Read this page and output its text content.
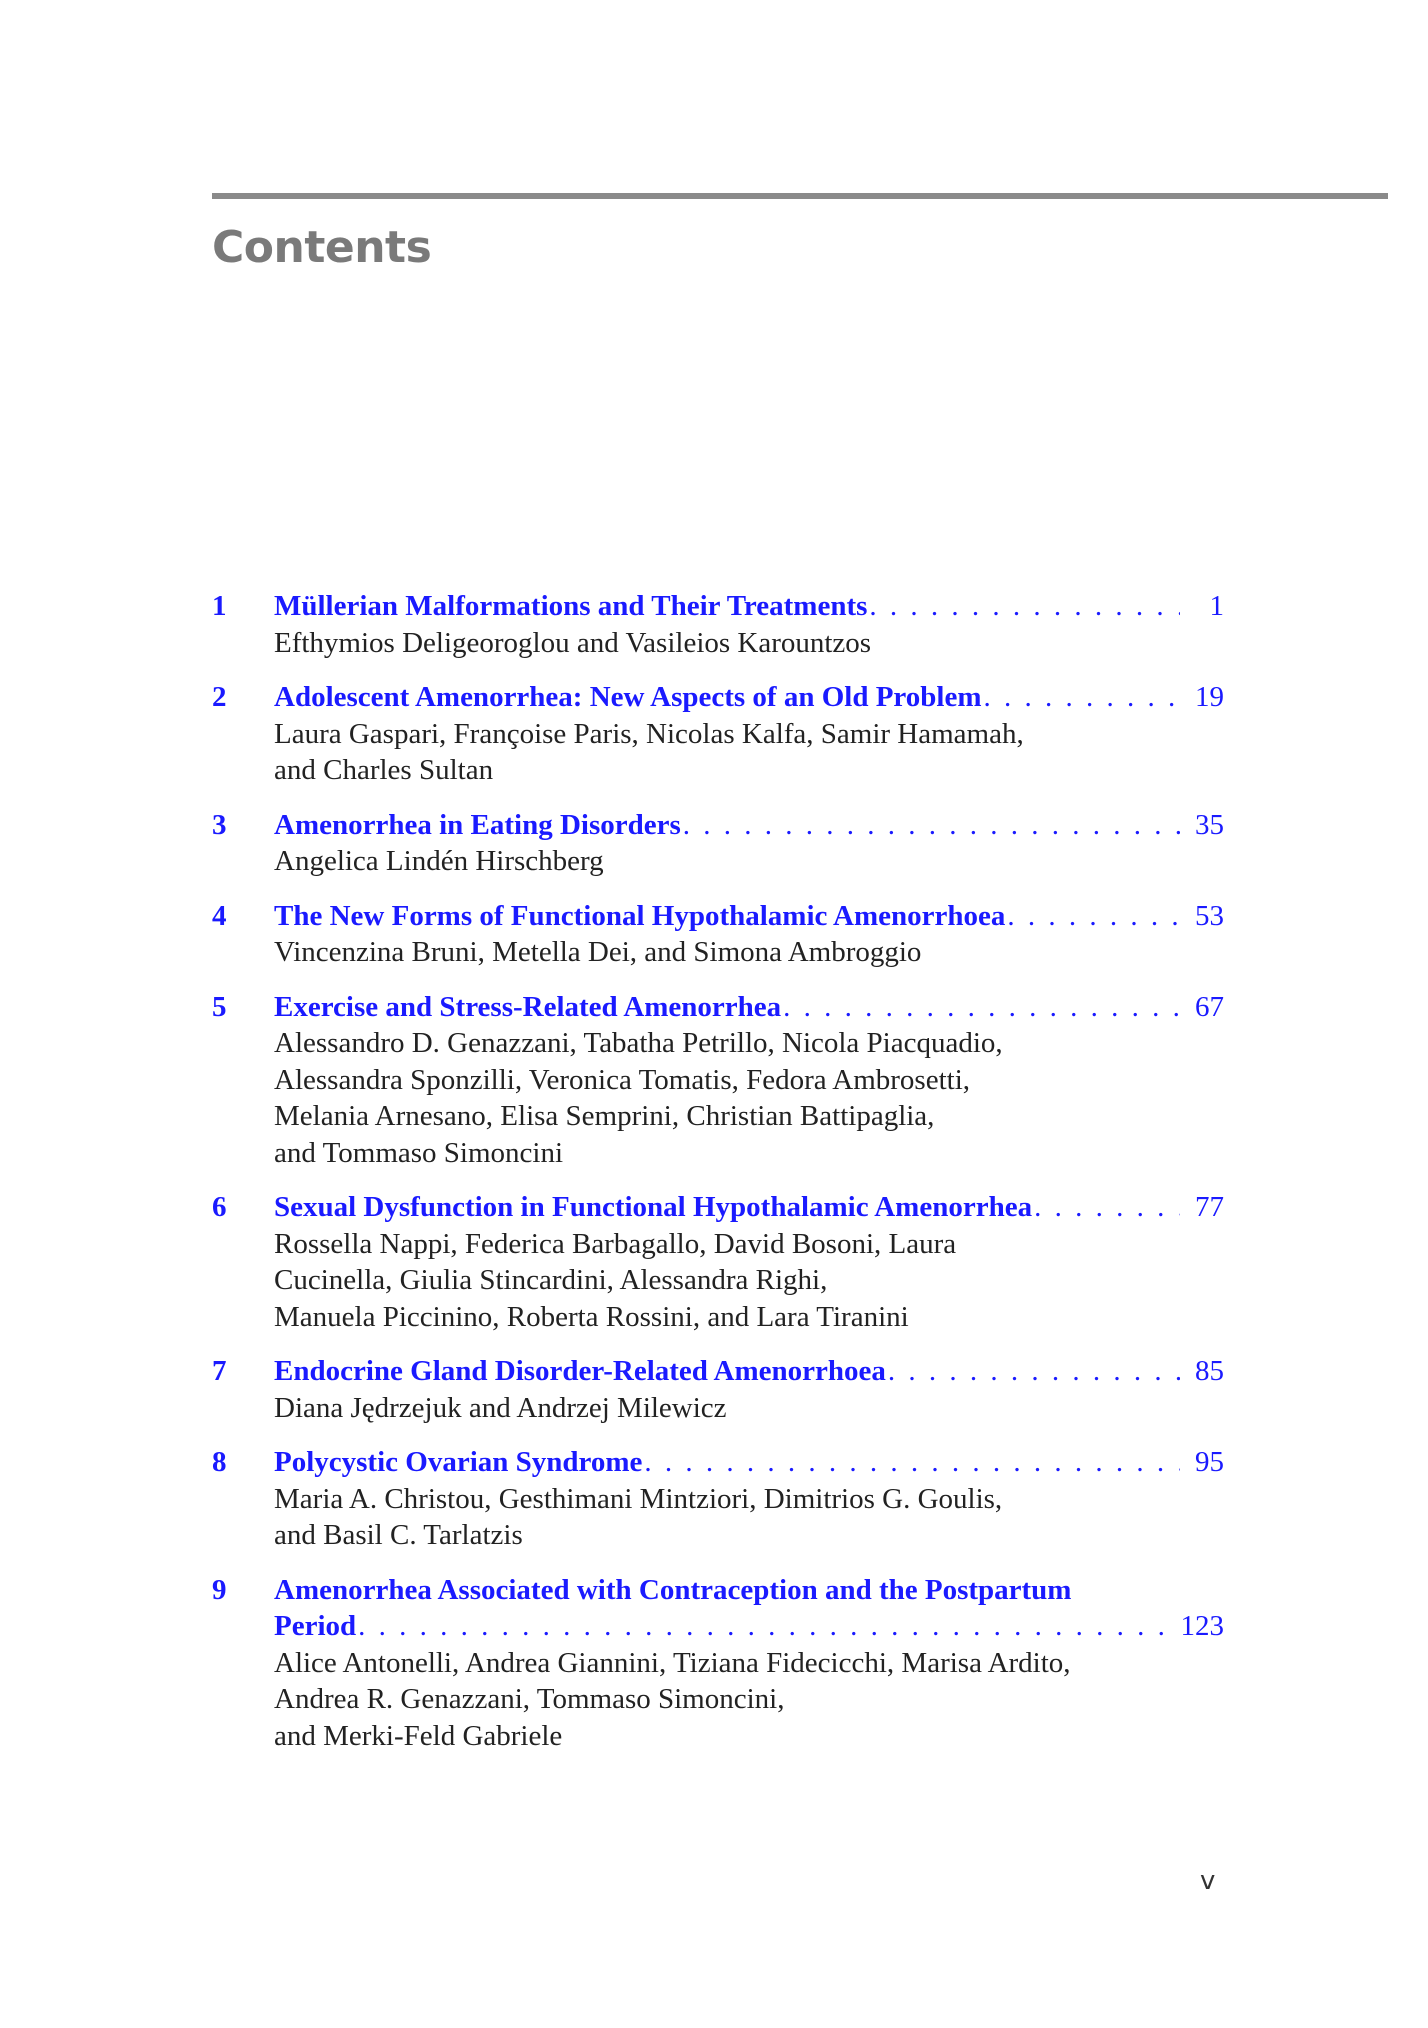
Contents
1 Müllerian Malformations and Their Treatments . . .	1
Efthymios Deligeoroglou and Vasileios Karountzos
2 Adolescent Amenorrhea: New Aspects of an Old Problem . . .	19
Laura Gaspari, Françoise Paris, Nicolas Kalfa, Samir Hamamah,
and Charles Sultan
3 Amenorrhea in Eating Disorders . . .	35
Angelica Lindén Hirschberg
4 The New Forms of Functional Hypothalamic Amenorrhoea . . .	53
Vincenzina Bruni, Metella Dei, and Simona Ambroggio
5 Exercise and Stress-Related Amenorrhea . . .	67
Alessandro D. Genazzani, Tabatha Petrillo, Nicola Piacquadio,
Alessandra Sponzilli, Veronica Tomatis, Fedora Ambrosetti,
Melania Arnesano, Elisa Semprini, Christian Battipaglia,
and Tommaso Simoncini
6 Sexual Dysfunction in Functional Hypothalamic Amenorrhea . . .	77
Rossella Nappi, Federica Barbagallo, David Bosoni, Laura
Cucinella, Giulia Stincardini, Alessandra Righi,
Manuela Piccinino, Roberta Rossini, and Lara Tiranini
7 Endocrine Gland Disorder-Related Amenorrhoea . . .	85
Diana Jędrzejuk and Andrzej Milewicz
8 Polycystic Ovarian Syndrome . . .	95
Maria A. Christou, Gesthimani Mintziori, Dimitrios G. Goulis,
and Basil C. Tarlatzis
9 Amenorrhea Associated with Contraception and the Postpartum
Period . . .	123
Alice Antonelli, Andrea Giannini, Tiziana Fidecicchi, Marisa Ardito,
Andrea R. Genazzani, Tommaso Simoncini,
and Merki-Feld Gabriele
v
